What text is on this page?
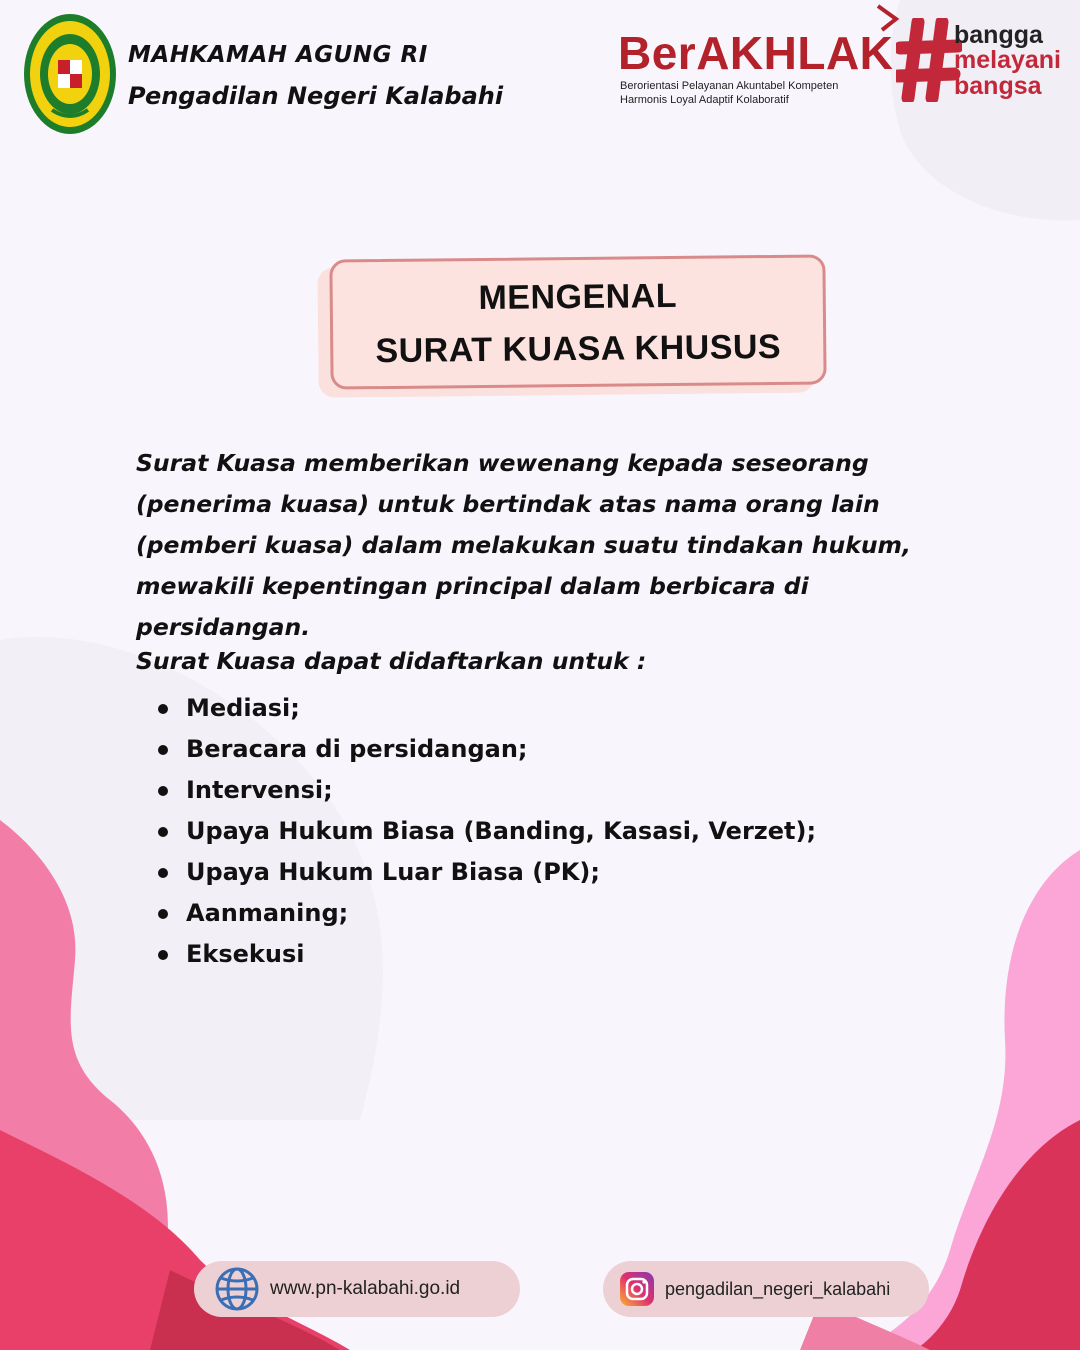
MAHKAMAH AGUNG RI
Pengadilan Negeri Kalabahi
BerAKHLAK
Berorientasi Pelayanan Akuntabel Kompeten
Harmonis Loyal Adaptif Kolaboratif
bangga
melayani
bangsa
MENGENAL
SURAT KUASA KHUSUS
Surat Kuasa memberikan wewenang kepada seseorang (penerima kuasa) untuk bertindak atas nama orang lain (pemberi kuasa) dalam melakukan suatu tindakan hukum, mewakili kepentingan principal dalam berbicara di persidangan.
Surat Kuasa dapat didaftarkan untuk :
Mediasi;
Beracara di persidangan;
Intervensi;
Upaya Hukum Biasa (Banding, Kasasi, Verzet);
Upaya Hukum Luar Biasa (PK);
Aanmaning;
Eksekusi
www.pn-kalabahi.go.id	pengadilan_negeri_kalabahi
